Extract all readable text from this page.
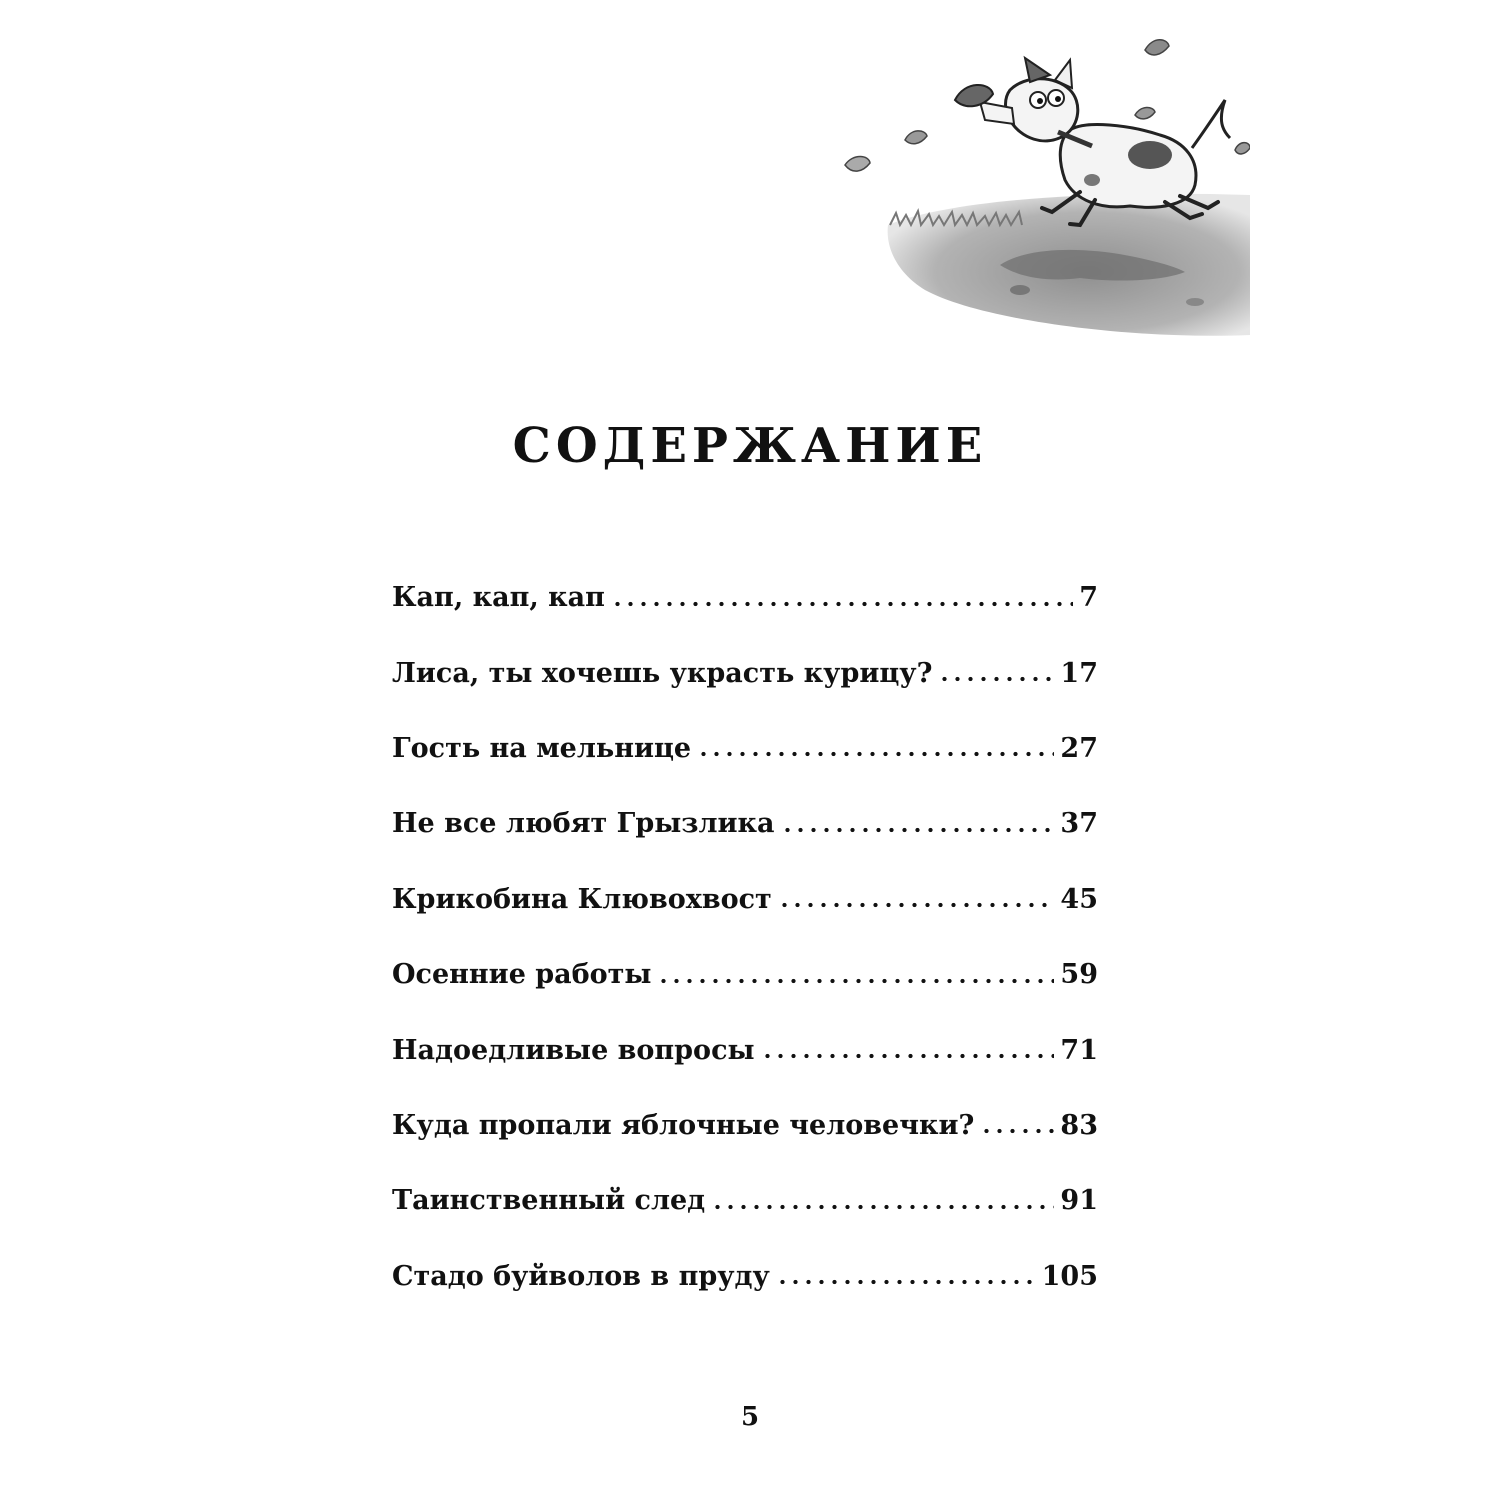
СОДЕРЖАНИЕ
Кап, кап, кап	7
Лиса, ты хочешь украсть курицу?	17
Гость на мельнице	27
Не все любят Грызлика	37
Крикобина Клювохвост	45
Осенние работы	59
Надоедливые вопросы	71
Куда пропали яблочные человечки?	83
Таинственный след	91
Стадо буйволов в пруду	105
5
